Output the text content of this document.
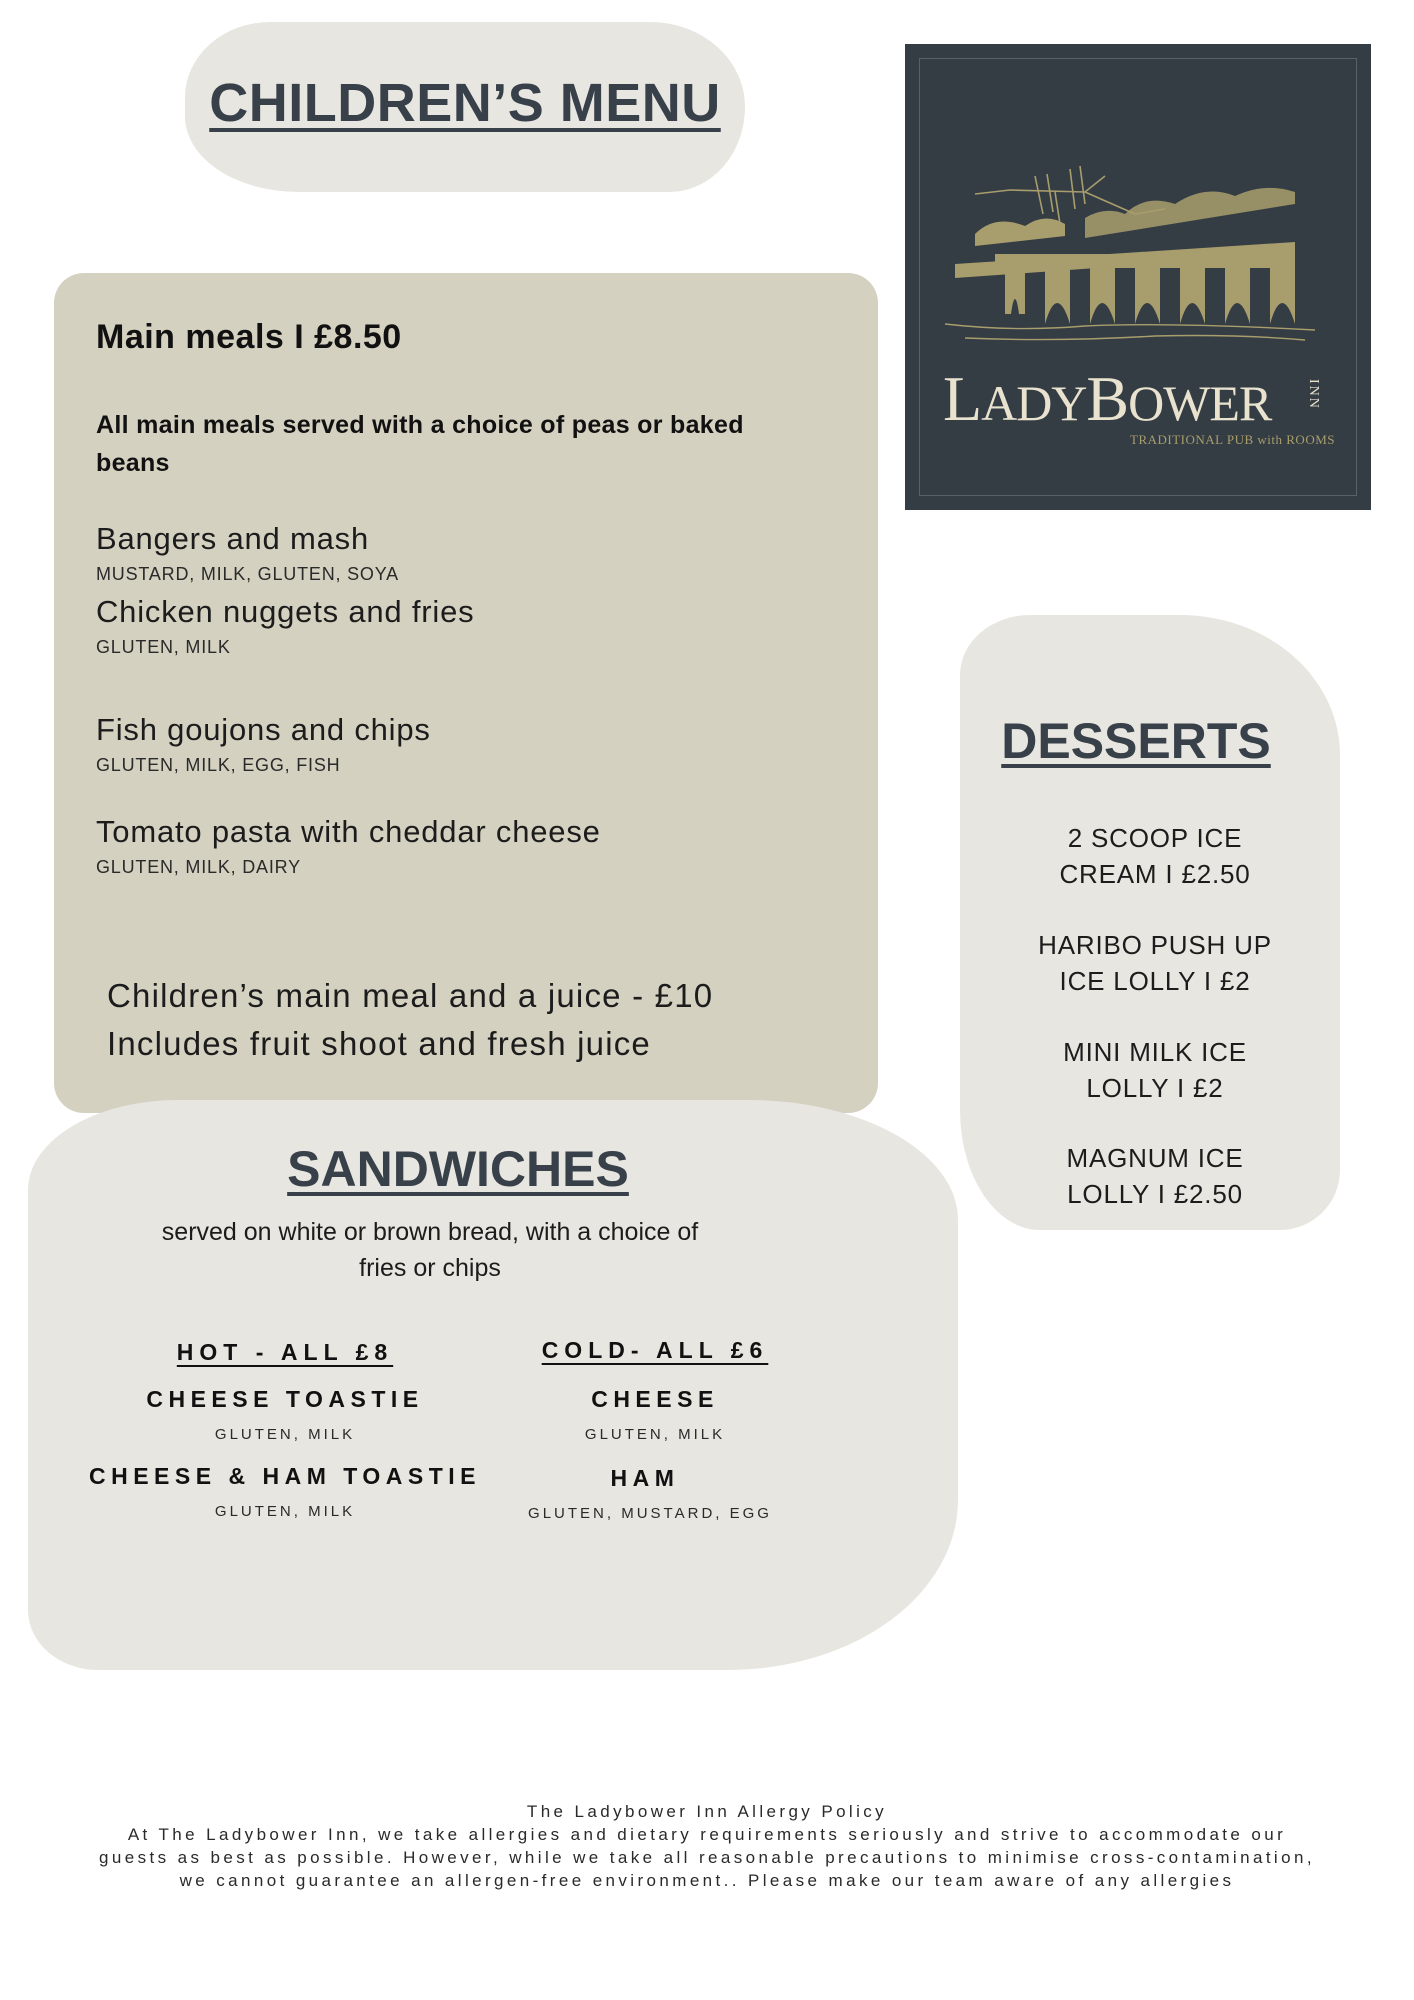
CHILDREN’S MENU
LADYBOWER INN
TRADITIONAL PUB with ROOMS
Main meals I £8.50

All main meals served with a choice of peas or baked beans

Bangers and mash
MUSTARD, MILK, GLUTEN, SOYA
Chicken nuggets and fries
GLUTEN, MILK
Fish goujons and chips
GLUTEN, MILK, EGG, FISH
Tomato pasta with cheddar cheese
GLUTEN, MILK, DAIRY
Children’s main meal and a juice - £10
Includes fruit shoot and fresh juice
DESSERTS
2 SCOOP ICE
CREAM I £2.50
HARIBO PUSH UP
ICE LOLLY I £2
MINI MILK ICE
LOLLY I £2
MAGNUM ICE
LOLLY I £2.50
SANDWICHES
served on white or brown bread, with a choice of
fries or chips
HOT - ALL £8
CHEESE TOASTIE
GLUTEN, MILK
CHEESE & HAM TOASTIE
GLUTEN, MILK
COLD- ALL £6
CHEESE
GLUTEN, MILK
HAM
GLUTEN, MUSTARD, EGG
The Ladybower Inn Allergy Policy
At The Ladybower Inn, we take allergies and dietary requirements seriously and strive to accommodate our
guests as best as possible. However, while we take all reasonable precautions to minimise cross-contamination,
we cannot guarantee an allergen-free environment.. Please make our team aware of any allergies
